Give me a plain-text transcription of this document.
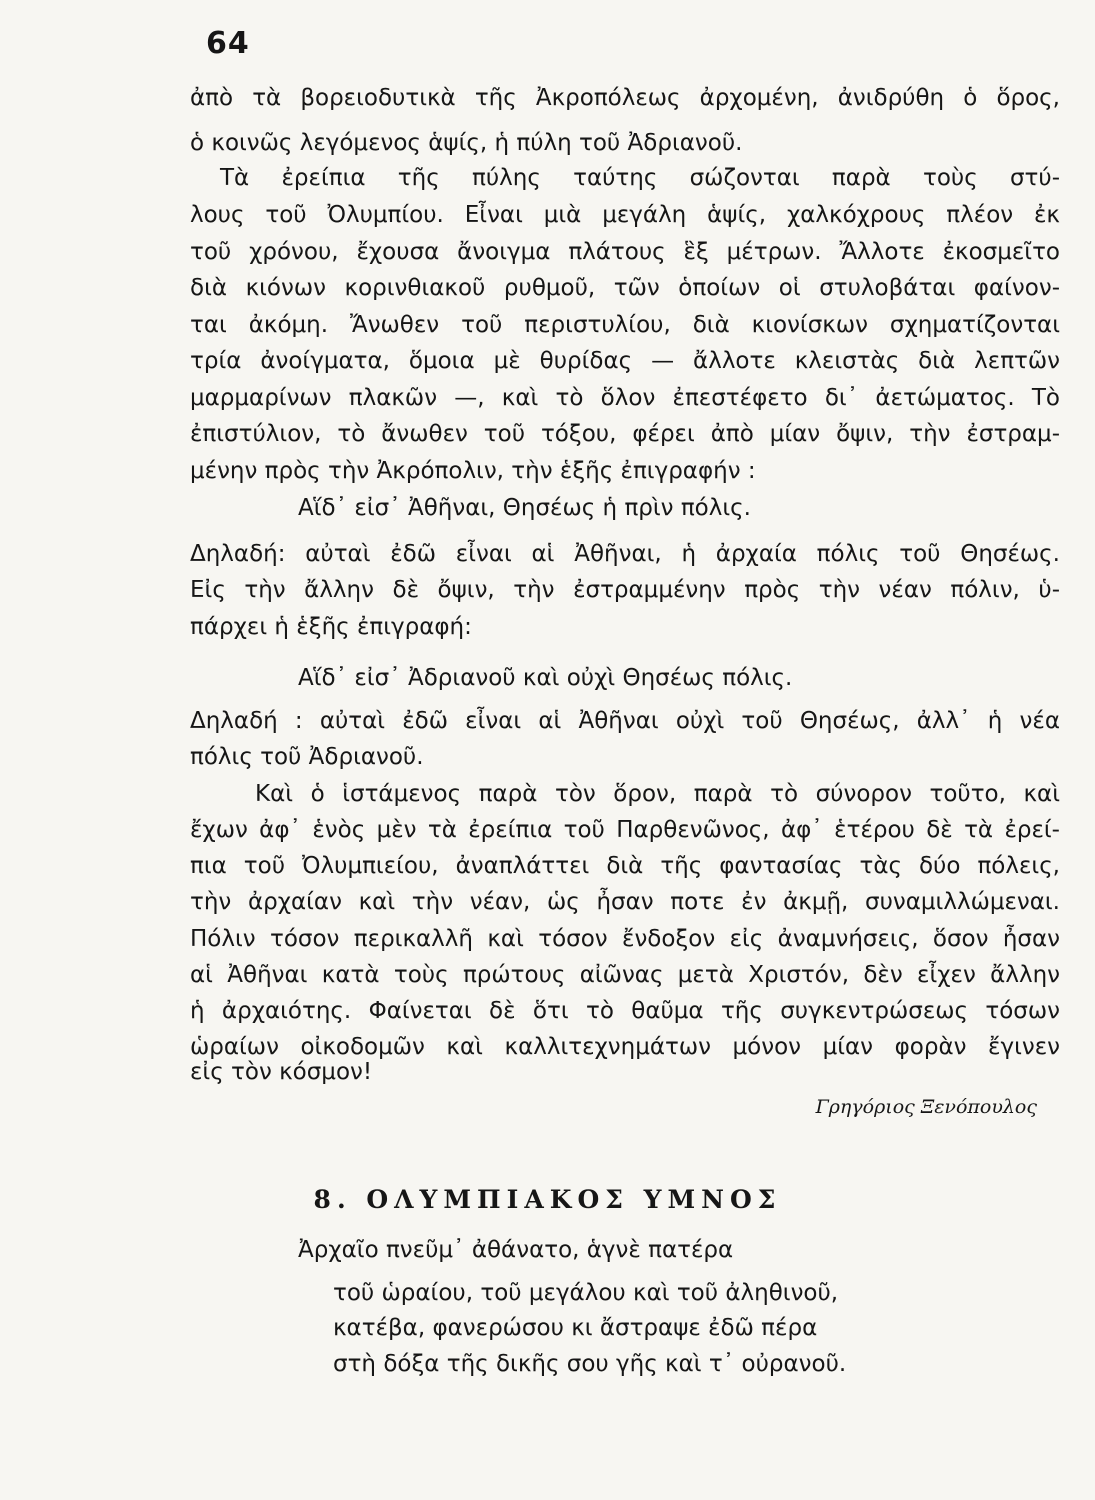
64
ἀπὸ τὰ βορειοδυτικὰ τῆς Ἀκροπόλεως ἀρχομένη, ἀνιδρύθη ὁ ὅρος,
ὁ κοινῶς λεγόμενος ἁψίς, ἡ πύλη τοῦ Ἀδριανοῦ.
Τὰ ἐρείπια τῆς πύλης ταύτης σώζονται παρὰ τοὺς στύ-
λους τοῦ Ὀλυμπίου. Εἶναι μιὰ μεγάλη ἁψίς, χαλκόχρους πλέον ἐκ
τοῦ χρόνου, ἔχουσα ἄνοιγμα πλάτους ἓξ μέτρων. Ἄλλοτε ἐκοσμεῖτο
διὰ κιόνων κορινθιακοῦ ρυθμοῦ, τῶν ὁποίων οἱ στυλοβάται φαίνον-
ται ἀκόμη. Ἄνωθεν τοῦ περιστυλίου, διὰ κιονίσκων σχηματίζονται
τρία ἀνοίγματα, ὅμοια μὲ θυρίδας — ἄλλοτε κλειστὰς διὰ λεπτῶν
μαρμαρίνων πλακῶν —, καὶ τὸ ὅλον ἐπεστέφετο δι᾽ ἀετώματος. Τὸ
ἐπιστύλιον, τὸ ἄνωθεν τοῦ τόξου, φέρει ἀπὸ μίαν ὄψιν, τὴν ἐστραμ-
μένην πρὸς τὴν Ἀκρόπολιν, τὴν ἑξῆς ἐπιγραφήν :
Αἵδ᾽ εἰσ᾽ Ἀθῆναι, Θησέως ἡ πρὶν πόλις.
Δηλαδή: αὐταὶ ἐδῶ εἶναι αἱ Ἀθῆναι, ἡ ἀρχαία πόλις τοῦ Θησέως.
Εἰς τὴν ἄλλην δὲ ὄψιν, τὴν ἐστραμμένην πρὸς τὴν νέαν πόλιν, ὑ-
πάρχει ἡ ἑξῆς ἐπιγραφή:
Αἵδ᾽ εἰσ᾽ Ἀδριανοῦ καὶ οὐχὶ Θησέως πόλις.
Δηλαδή : αὐταὶ ἐδῶ εἶναι αἱ Ἀθῆναι οὐχὶ τοῦ Θησέως, ἀλλ᾽ ἡ νέα
πόλις τοῦ Ἀδριανοῦ.
Καὶ ὁ ἱστάμενος παρὰ τὸν ὅρον, παρὰ τὸ σύνορον τοῦτο, καὶ
ἔχων ἀφ᾽ ἑνὸς μὲν τὰ ἐρείπια τοῦ Παρθενῶνος, ἀφ᾽ ἑτέρου δὲ τὰ ἐρεί-
πια τοῦ Ὀλυμπιείου, ἀναπλάττει διὰ τῆς φαντασίας τὰς δύο πόλεις,
τὴν ἀρχαίαν καὶ τὴν νέαν, ὡς ἦσαν ποτε ἐν ἀκμῇ, συναμιλλώμεναι.
Πόλιν τόσον περικαλλῆ καὶ τόσον ἔνδοξον εἰς ἀναμνήσεις, ὅσον ἦσαν
αἱ Ἀθῆναι κατὰ τοὺς πρώτους αἰῶνας μετὰ Χριστόν, δὲν εἶχεν ἄλλην
ἡ ἀρχαιότης. Φαίνεται δὲ ὅτι τὸ θαῦμα τῆς συγκεντρώσεως τόσων
ὡραίων οἰκοδομῶν καὶ καλλιτεχνημάτων μόνον μίαν φορὰν ἔγινεν
εἰς τὸν κόσμον!
Γρηγόριος Ξενόπουλος
8. ΟΛΥΜΠΙΑΚΟΣ ΥΜΝΟΣ
Ἀρχαῖο πνεῦμ᾽ ἀθάνατο, ἁγνὲ πατέρα
τοῦ ὡραίου, τοῦ μεγάλου καὶ τοῦ ἀληθινοῦ,
κατέβα, φανερώσου κι ἄστραψε ἐδῶ πέρα
στὴ δόξα τῆς δικῆς σου γῆς καὶ τ᾽ οὐρανοῦ.
